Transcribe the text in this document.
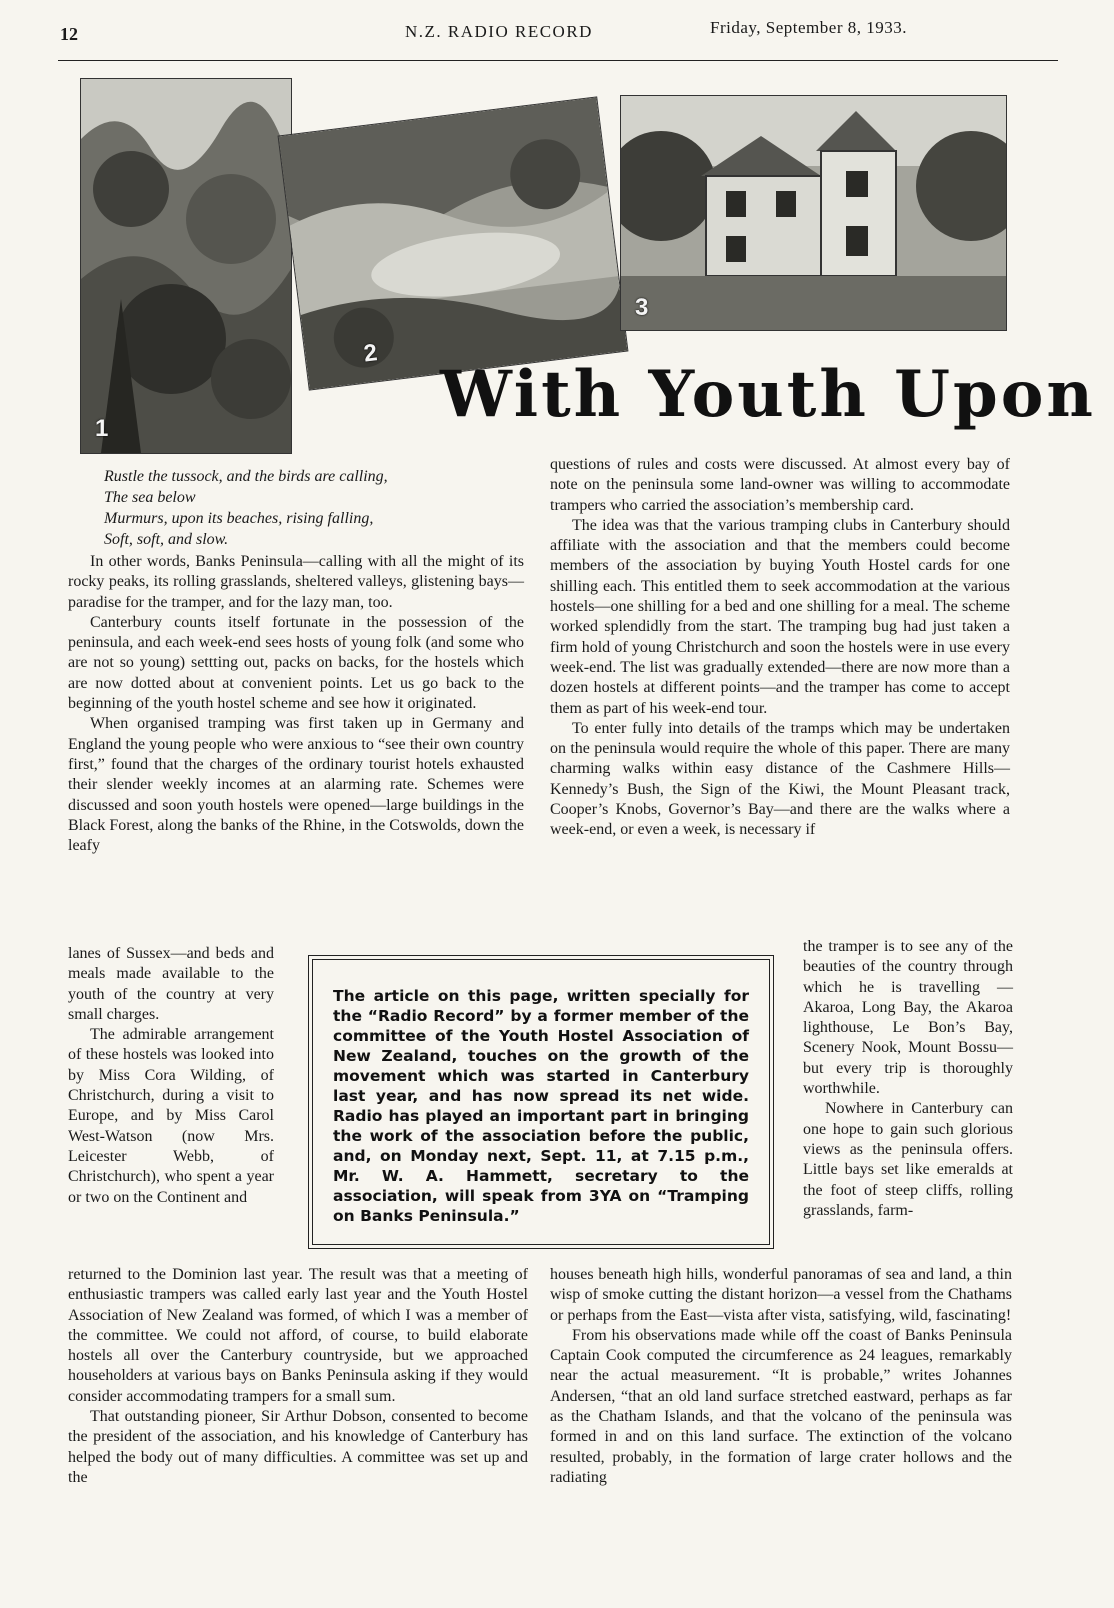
12	N.Z. RADIO RECORD	Friday, September 8, 1933.
1
2
3
With Youth Upon
Rustle the tussock, and the birds are calling,
The sea below
Murmurs, upon its beaches, rising falling,
Soft, soft, and slow.

In other words, Banks Peninsula—calling with all the might of its rocky peaks, its rolling grasslands, sheltered valleys, glistening bays—paradise for the tramper, and for the lazy man, too.

Canterbury counts itself fortunate in the possession of the peninsula, and each week-end sees hosts of young folk (and some who are not so young) settting out, packs on backs, for the hostels which are now dotted about at convenient points. Let us go back to the beginning of the youth hostel scheme and see how it originated.

When organised tramping was first taken up in Germany and England the young people who were anxious to “see their own country first,” found that the charges of the ordinary tourist hotels exhausted their slender weekly incomes at an alarming rate. Schemes were discussed and soon youth hostels were opened—large buildings in the Black Forest, along the banks of the Rhine, in the Cotswolds, down the leafy

lanes of Sussex—and beds and meals made available to the youth of the country at very small charges.

The admirable arrangement of these hostels was looked into by Miss Cora Wilding, of Christchurch, during a visit to Europe, and by Miss Carol West-Watson (now Mrs. Leicester Webb, of Christchurch), who spent a year or two on the Continent and

returned to the Dominion last year. The result was that a meeting of enthusiastic trampers was called early last year and the Youth Hostel Association of New Zealand was formed, of which I was a member of the committee. We could not afford, of course, to build elaborate hostels all over the Canterbury countryside, but we approached householders at various bays on Banks Peninsula asking if they would consider accommodating trampers for a small sum.

That outstanding pioneer, Sir Arthur Dobson, consented to become the president of the association, and his knowledge of Canterbury has helped the body out of many difficulties. A committee was set up and the

questions of rules and costs were discussed. At almost every bay of note on the peninsula some land-owner was willing to accommodate trampers who carried the association’s membership card.

The idea was that the various tramping clubs in Canterbury should affiliate with the association and that the members could become members of the association by buying Youth Hostel cards for one shilling each. This entitled them to seek accommodation at the various hostels—one shilling for a bed and one shilling for a meal. The scheme worked splendidly from the start. The tramping bug had just taken a firm hold of young Christchurch and soon the hostels were in use every week-end. The list was gradually extended—there are now more than a dozen hostels at different points—and the tramper has come to accept them as part of his week-end tour.

To enter fully into details of the tramps which may be undertaken on the peninsula would require the whole of this paper. There are many charming walks within easy distance of the Cashmere Hills—Kennedy’s Bush, the Sign of the Kiwi, the Mount Pleasant track, Cooper’s Knobs, Governor’s Bay—and there are the walks where a week-end, or even a week, is necessary if

the tramper is to see any of the beauties of the country through which he is travelling — Akaroa, Long Bay, the Akaroa lighthouse, Le Bon’s Bay, Scenery Nook, Mount Bossu—but every trip is thoroughly worthwhile.

Nowhere in Canterbury can one hope to gain such glorious views as the peninsula offers. Little bays set like emeralds at the foot of steep cliffs, rolling grasslands, farm-

houses beneath high hills, wonderful panoramas of sea and land, a thin wisp of smoke cutting the distant horizon—a vessel from the Chathams or perhaps from the East—vista after vista, satisfying, wild, fascinating!

From his observations made while off the coast of Banks Peninsula Captain Cook computed the circumference as 24 leagues, remarkably near the actual measurement. “It is probable,” writes Johannes Andersen, “that an old land surface stretched eastward, perhaps as far as the Chatham Islands, and that the volcano of the peninsula was formed in and on this land surface. The extinction of the volcano resulted, probably, in the formation of large crater hollows and the radiating

The article on this page, written specially for the “Radio Record” by a former member of the committee of the Youth Hostel Association of New Zealand, touches on the growth of the movement which was started in Canterbury last year, and has now spread its net wide. Radio has played an important part in bringing the work of the association before the public, and, on Monday next, Sept. 11, at 7.15 p.m., Mr. W. A. Hammett, secretary to the association, will speak from 3YA on “Tramping on Banks Peninsula.”
